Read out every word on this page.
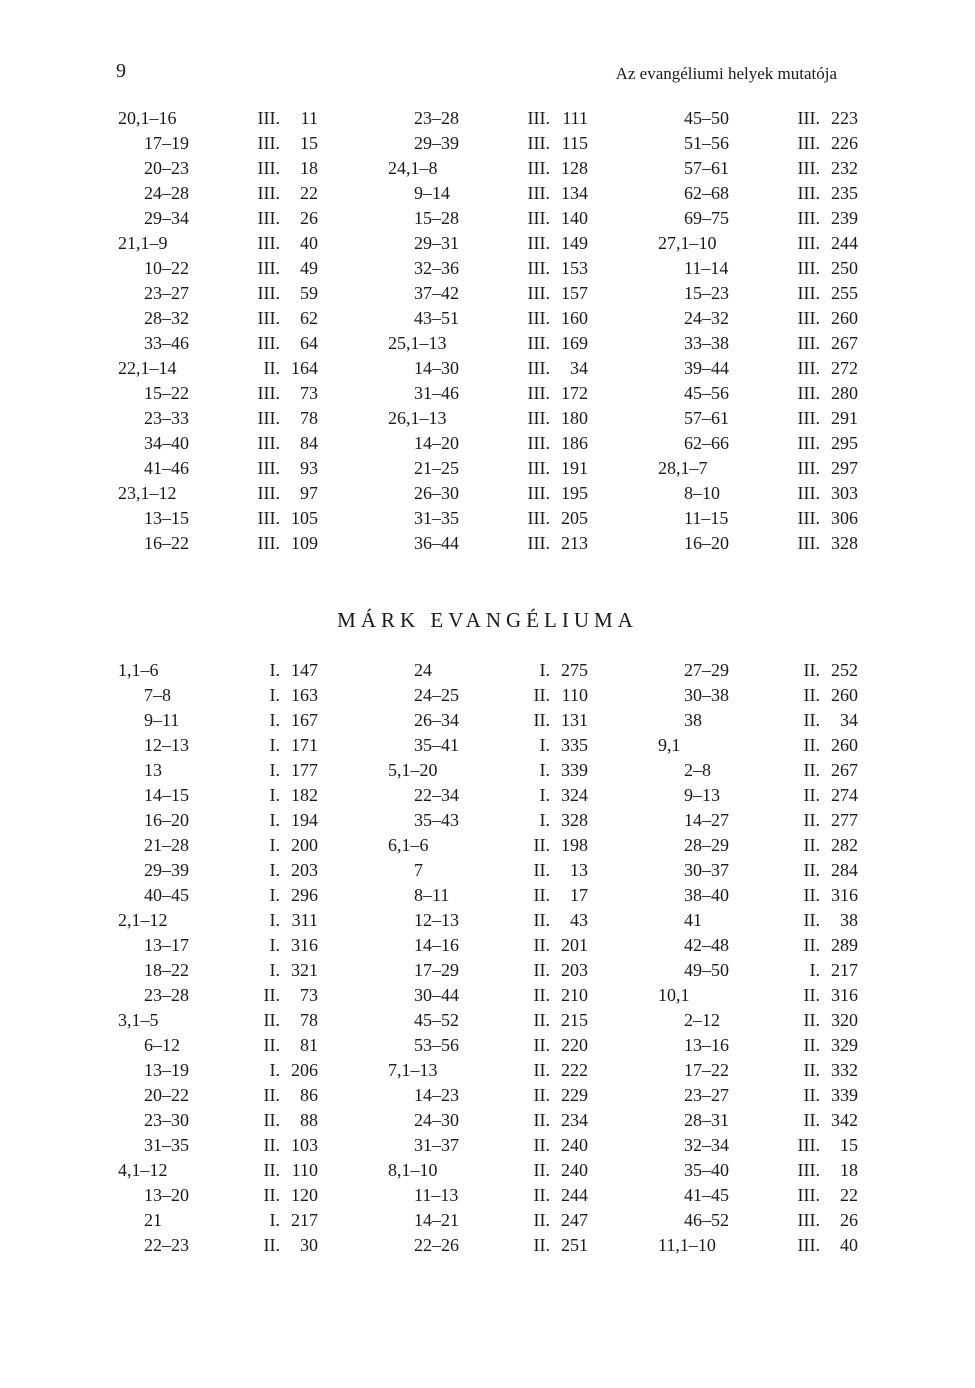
9	Az evangéliumi helyek mutatója
20,1–16	III. 11
17–19	III. 15
20–23	III. 18
24–28	III. 22
29–34	III. 26
21,1–9	III. 40
10–22	III. 49
23–27	III. 59
28–32	III. 62
33–46	III. 64
22,1–14	II. 164
15–22	III. 73
23–33	III. 78
34–40	III. 84
41–46	III. 93
23,1–12	III. 97
13–15	III. 105
16–22	III. 109
23–28	III. 111
29–39	III. 115
24,1–8	III. 128
9–14	III. 134
15–28	III. 140
29–31	III. 149
32–36	III. 153
37–42	III. 157
43–51	III. 160
25,1–13	III. 169
14–30	III. 34
31–46	III. 172
26,1–13	III. 180
14–20	III. 186
21–25	III. 191
26–30	III. 195
31–35	III. 205
36–44	III. 213
45–50	III. 223
51–56	III. 226
57–61	III. 232
62–68	III. 235
69–75	III. 239
27,1–10	III. 244
11–14	III. 250
15–23	III. 255
24–32	III. 260
33–38	III. 267
39–44	III. 272
45–56	III. 280
57–61	III. 291
62–66	III. 295
28,1–7	III. 297
8–10	III. 303
11–15	III. 306
16–20	III. 328
MÁRK EVANGÉLIUMA
1,1–6	I. 147
7–8	I. 163
9–11	I. 167
12–13	I. 171
13	I. 177
14–15	I. 182
16–20	I. 194
21–28	I. 200
29–39	I. 203
40–45	I. 296
2,1–12	I. 311
13–17	I. 316
18–22	I. 321
23–28	II. 73
3,1–5	II. 78
6–12	II. 81
13–19	I. 206
20–22	II. 86
23–30	II. 88
31–35	II. 103
4,1–12	II. 110
13–20	II. 120
21	I. 217
22–23	II. 30
24	I. 275
24–25	II. 110
26–34	II. 131
35–41	I. 335
5,1–20	I. 339
22–34	I. 324
35–43	I. 328
6,1–6	II. 198
7	II. 13
8–11	II. 17
12–13	II. 43
14–16	II. 201
17–29	II. 203
30–44	II. 210
45–52	II. 215
53–56	II. 220
7,1–13	II. 222
14–23	II. 229
24–30	II. 234
31–37	II. 240
8,1–10	II. 240
11–13	II. 244
14–21	II. 247
22–26	II. 251
27–29	II. 252
30–38	II. 260
38	II. 34
9,1	II. 260
2–8	II. 267
9–13	II. 274
14–27	II. 277
28–29	II. 282
30–37	II. 284
38–40	II. 316
41	II. 38
42–48	II. 289
49–50	I. 217
10,1	II. 316
2–12	II. 320
13–16	II. 329
17–22	II. 332
23–27	II. 339
28–31	II. 342
32–34	III. 15
35–40	III. 18
41–45	III. 22
46–52	III. 26
11,1–10	III. 40
